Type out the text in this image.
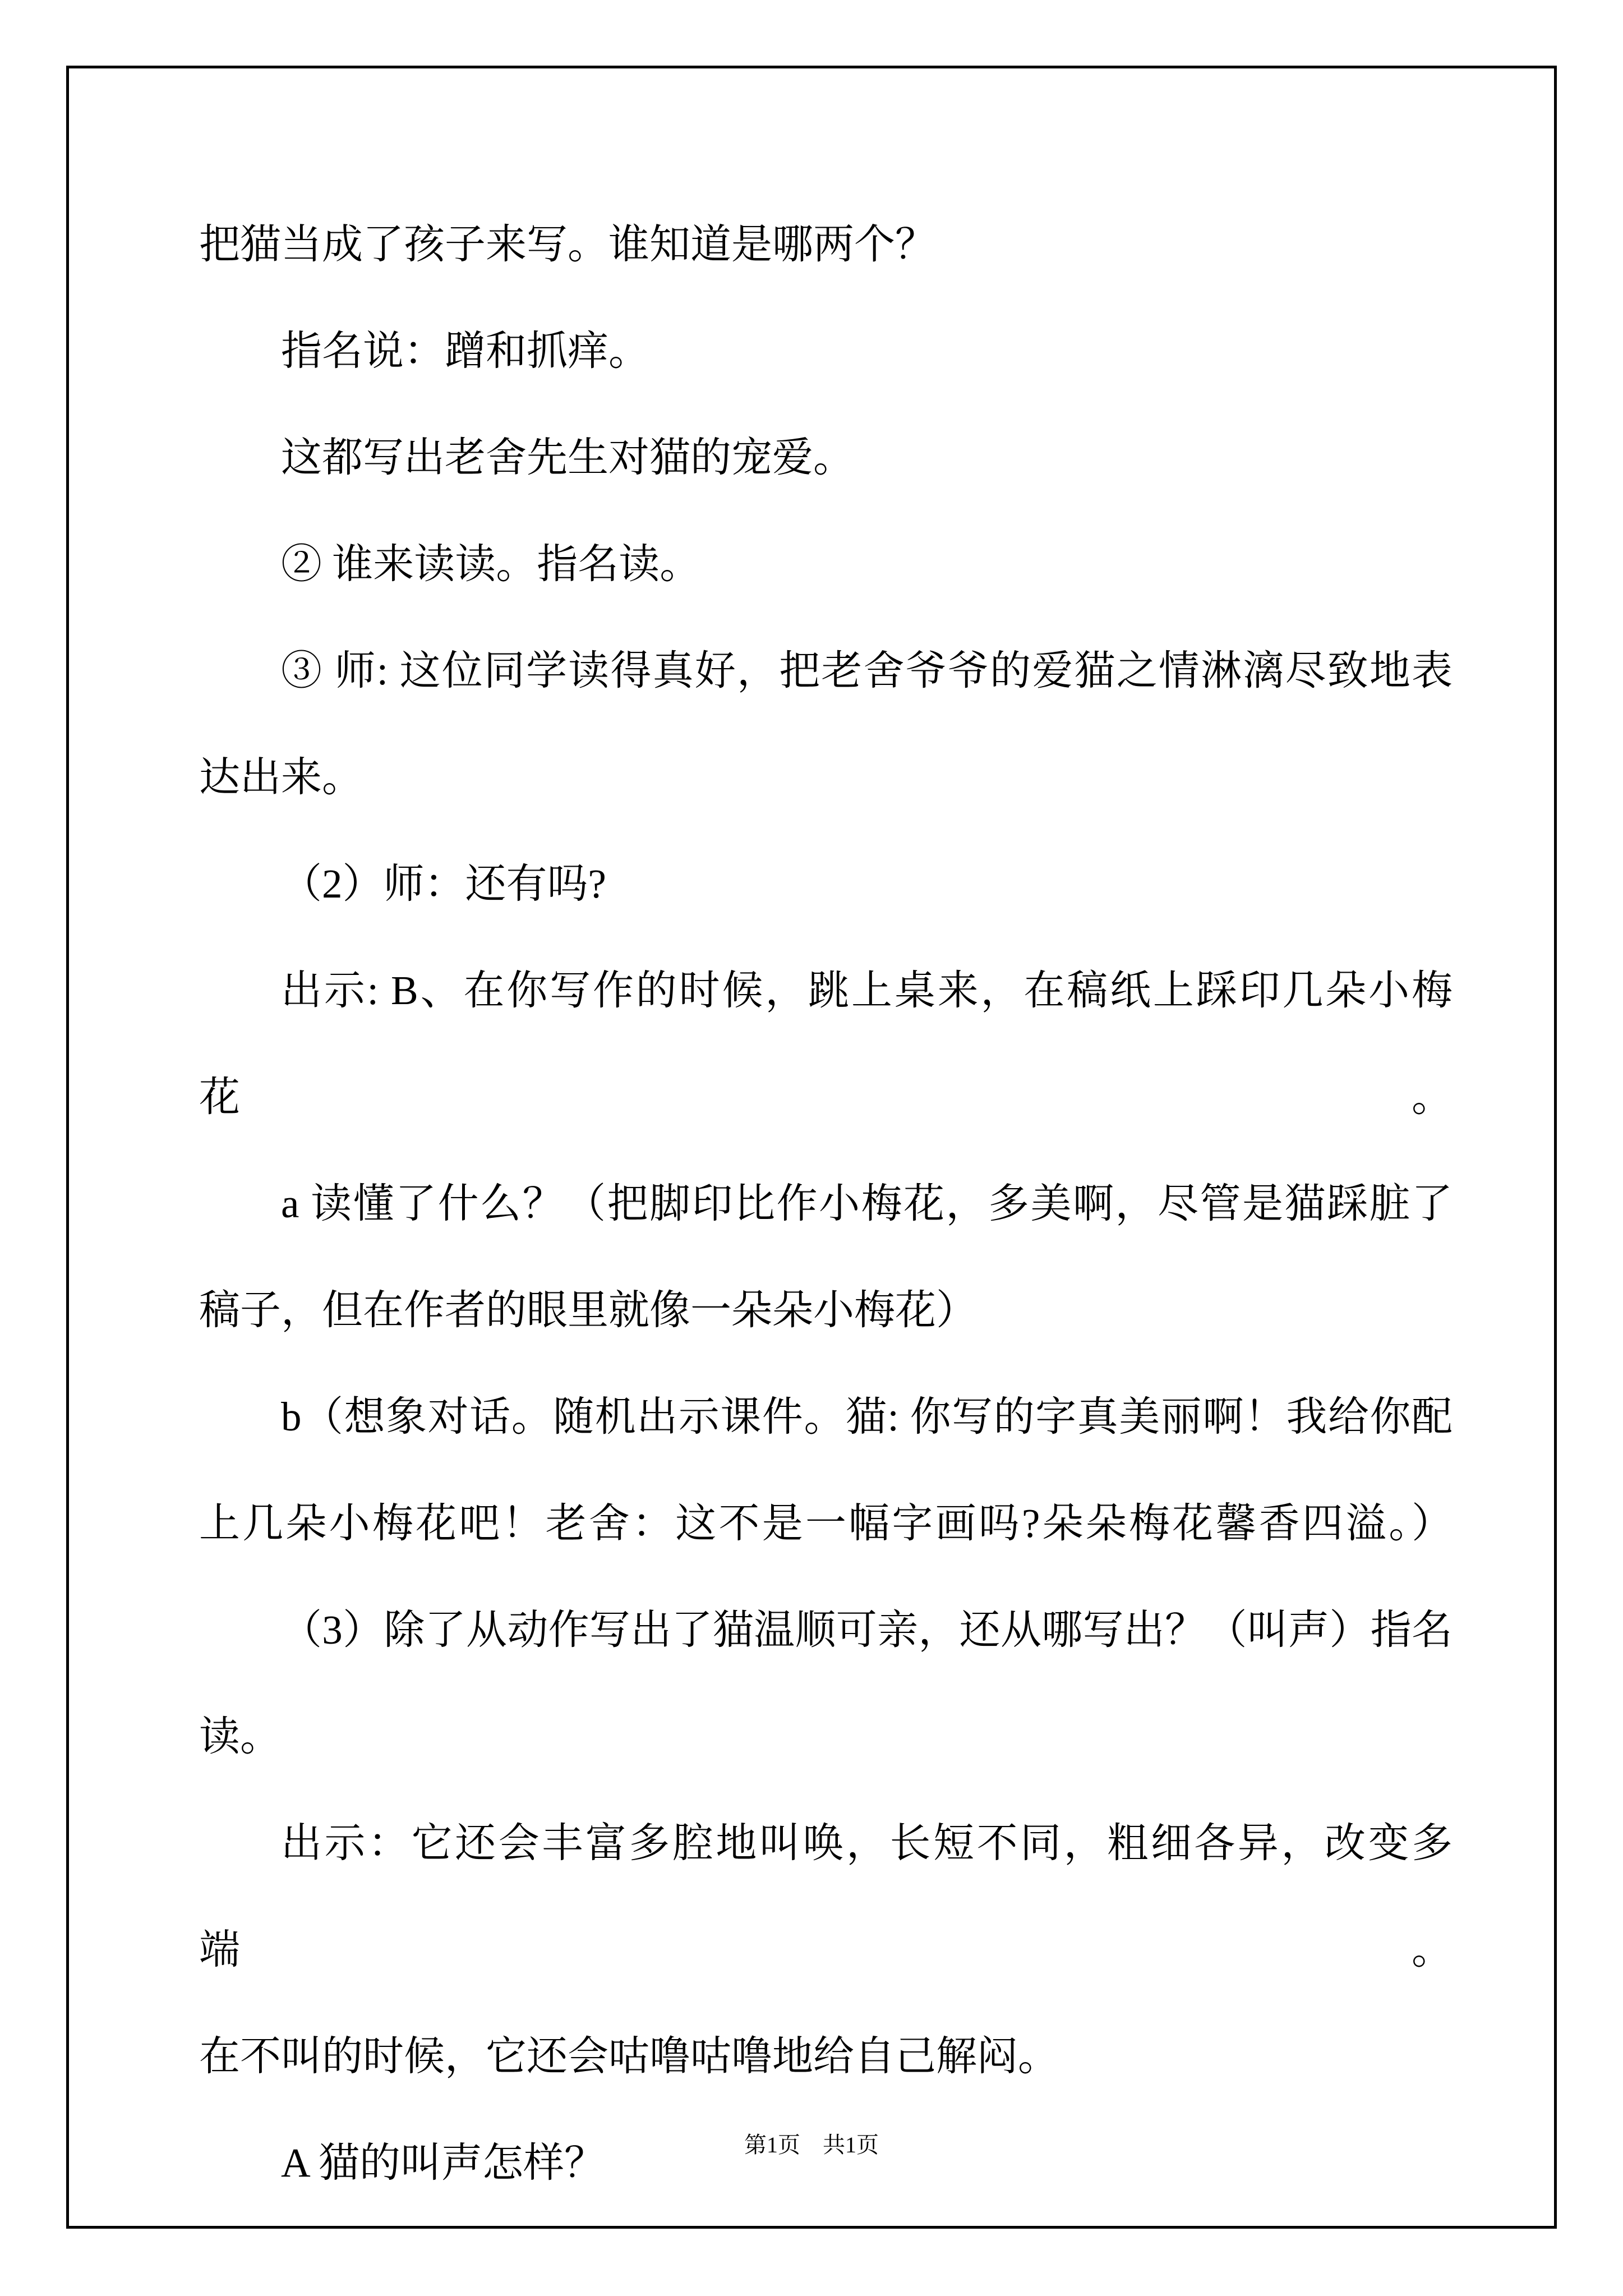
把猫当成了孩子来写。谁知道是哪两个？
指名说：蹭和抓痒。
这都写出老舍先生对猫的宠爱。
② 谁来读读。指名读。
③ 师: 这位同学读得真好，把老舍爷爷的爱猫之情淋漓尽致地表
达出来。
（2）师：还有吗?
出示: B、在你写作的时候，跳上桌来，在稿纸上踩印几朵小梅花。
a 读懂了什么？（把脚印比作小梅花，多美啊，尽管是猫踩脏了
稿子，但在作者的眼里就像一朵朵小梅花）
b（想象对话。随机出示课件。猫: 你写的字真美丽啊！我给你配
上几朵小梅花吧！老舍：这不是一幅字画吗?朵朵梅花馨香四溢。）
（3）除了从动作写出了猫温顺可亲，还从哪写出？（叫声）指名
读。
出示：它还会丰富多腔地叫唤，长短不同，粗细各异，改变多端。
在不叫的时候，它还会咕噜咕噜地给自己解闷。
A 猫的叫声怎样？	第1页　共1页
